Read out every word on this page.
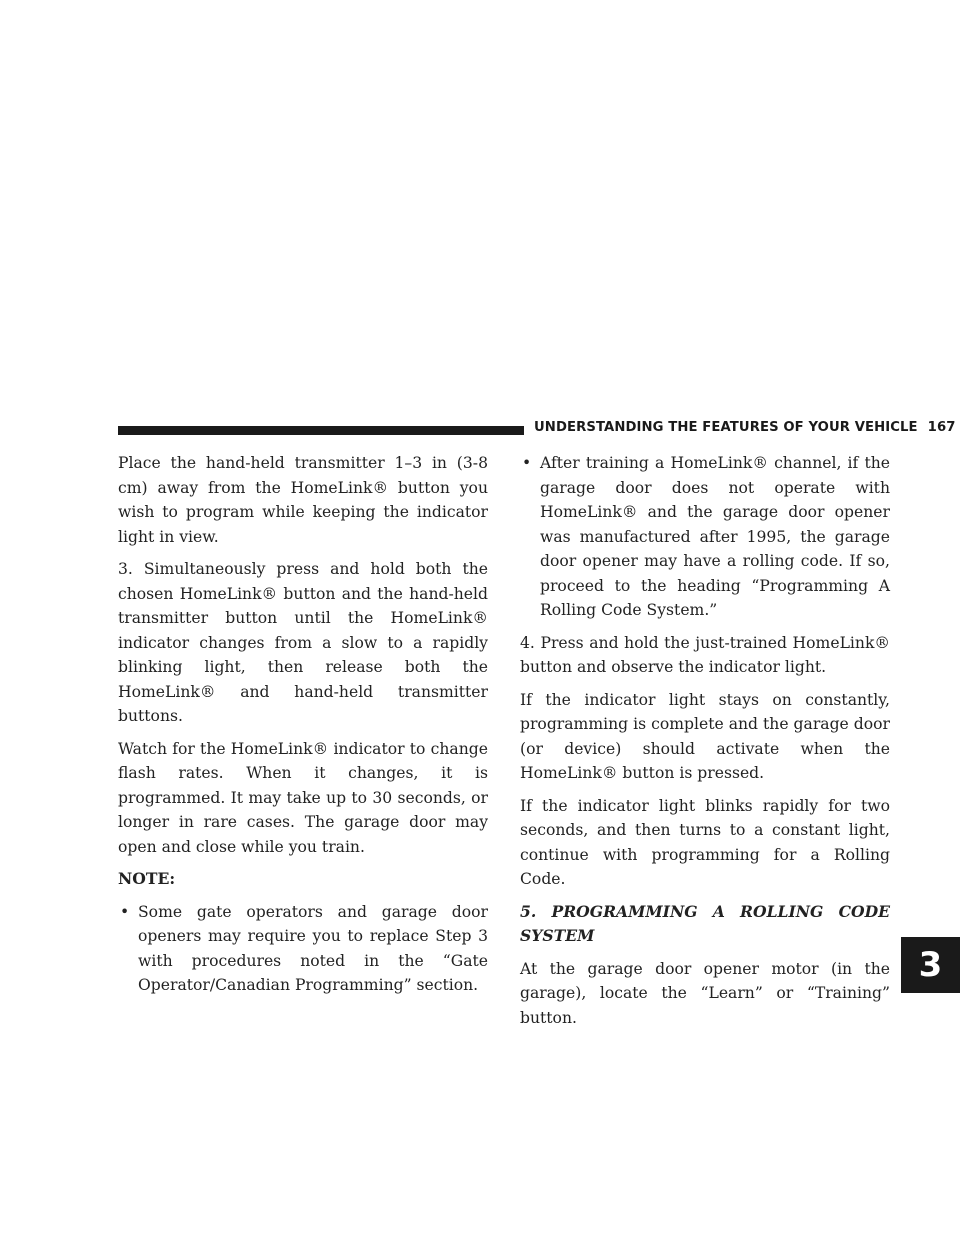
UNDERSTANDING THE FEATURES OF YOUR VEHICLE 167
3

Place the hand-held transmitter 1–3 in (3-8 cm) away from the HomeLink® button you wish to program while keeping the indicator light in view.

3. Simultaneously press and hold both the chosen HomeLink® button and the hand-held transmitter button until the HomeLink® indicator changes from a slow to a rapidly blinking light, then release both the HomeLink® and hand-held transmitter buttons.

Watch for the HomeLink® indicator to change flash rates. When it changes, it is programmed. It may take up to 30 seconds, or longer in rare cases. The garage door may open and close while you train.

NOTE:

• Some gate operators and garage door openers may require you to replace Step 3 with procedures noted in the “Gate Operator/Canadian Programming” section.
• After training a HomeLink® channel, if the garage door does not operate with HomeLink® and the garage door opener was manufactured after 1995, the garage door opener may have a rolling code. If so, proceed to the heading “Programming A Rolling Code System.”

4. Press and hold the just-trained HomeLink® button and observe the indicator light.

If the indicator light stays on constantly, programming is complete and the garage door (or device) should activate when the HomeLink® button is pressed.

If the indicator light blinks rapidly for two seconds, and then turns to a constant light, continue with programming for a Rolling Code.

5. PROGRAMMING A ROLLING CODE SYSTEM

At the garage door opener motor (in the garage), locate the “Learn” or “Training” button.
